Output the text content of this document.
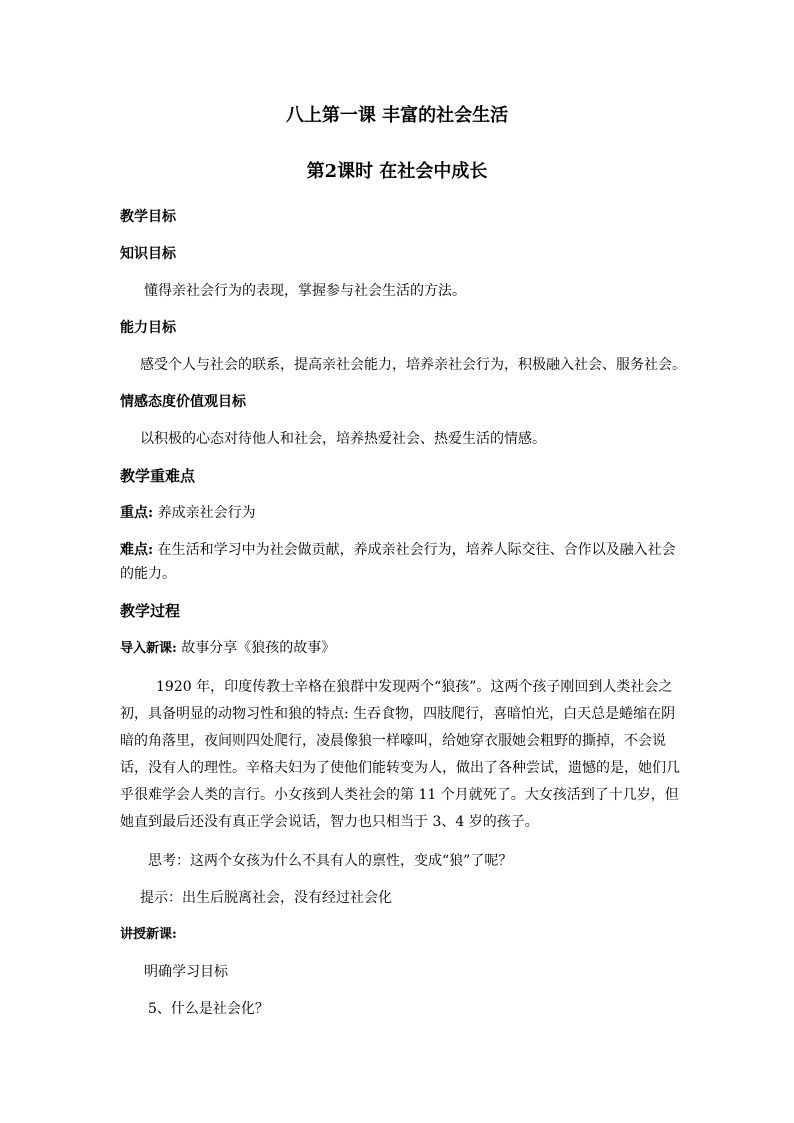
八上第一课 丰富的社会生活
第2课时 在社会中成长

教学目标

知识目标

懂得亲社会行为的表现，掌握参与社会生活的方法。

能力目标

感受个人与社会的联系，提高亲社会能力，培养亲社会行为，积极融入社会、服务社会。

情感态度价值观目标

以积极的心态对待他人和社会，培养热爱社会、热爱生活的情感。

教学重难点

重点: 养成亲社会行为

难点: 在生活和学习中为社会做贡献，养成亲社会行为，培养人际交往、合作以及融入社会的能力。

教学过程

导入新课: 故事分享《狼孩的故事》

1920 年，印度传教士辛格在狼群中发现两个“狼孩”。这两个孩子刚回到人类社会之初，具备明显的动物习性和狼的特点: 生吞食物，四肢爬行，喜暗怕光，白天总是蜷缩在阴暗的角落里，夜间则四处爬行，凌晨像狼一样嚎叫，给她穿衣服她会粗野的撕掉，不会说话，没有人的理性。辛格夫妇为了使他们能转变为人，做出了各种尝试，遗憾的是，她们几乎很难学会人类的言行。小女孩到人类社会的第 11 个月就死了。大女孩活到了十几岁，但她直到最后还没有真正学会说话，智力也只相当于 3、4 岁的孩子。

思考：这两个女孩为什么不具有人的禀性，变成“狼”了呢？

提示：出生后脱离社会，没有经过社会化

讲授新课:

明确学习目标

5、什么是社会化？
